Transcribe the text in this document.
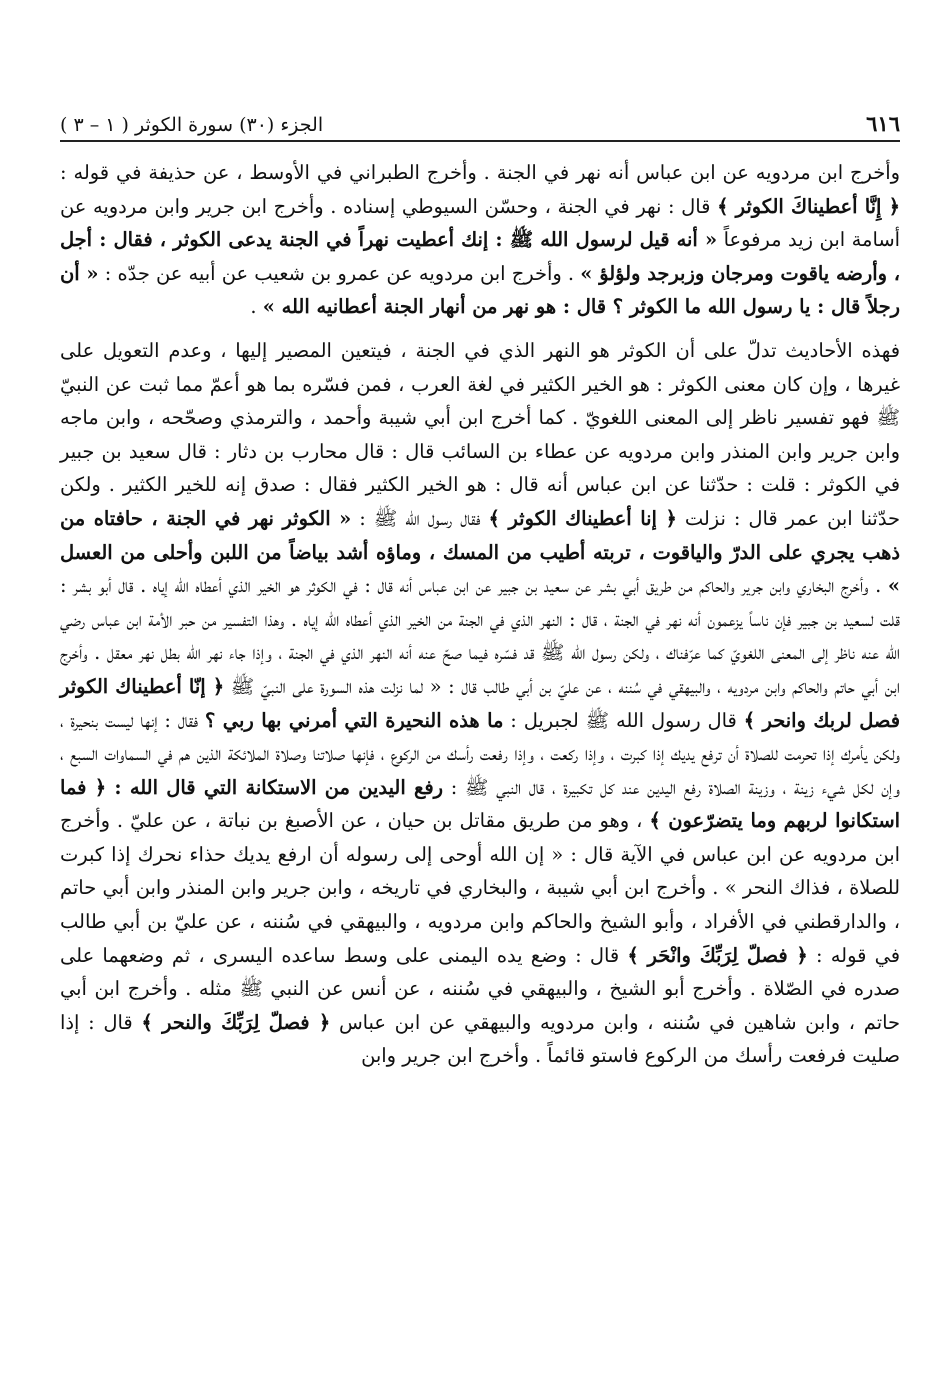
٦١٦
الجزء (٣٠) سورة الكوثر ( ١ – ٣ )

وأخرج ابن مردويه عن ابن عباس أنه نهر في الجنة . وأخرج الطبراني في الأوسط ، عن حذيفة في قوله : ﴿ إِنَّا أعطيناكَ الكوثر ﴾ قال : نهر في الجنة ، وحسّن السيوطي إسناده . وأخرج ابن جرير وابن مردويه عن أسامة ابن زيد مرفوعاً « أنه قيل لرسول الله ﷺ : إنك أعطيت نهراً في الجنة يدعى الكوثر ، فقال : أجل ، وأرضه ياقوت ومرجان وزبرجد ولؤلؤ » . وأخرج ابن مردويه عن عمرو بن شعيب عن أبيه عن جدّه : « أن رجلاً قال : يا رسول الله ما الكوثر ؟ قال : هو نهر من أنهار الجنة أعطانيه الله » .

فهذه الأحاديث تدلّ على أن الكوثر هو النهر الذي في الجنة ، فيتعين المصير إليها ، وعدم التعويل على غيرها ، وإن كان معنى الكوثر : هو الخير الكثير في لغة العرب ، فمن فسّره بما هو أعمّ مما ثبت عن النبيّ ﷺ فهو تفسير ناظر إلى المعنى اللغويّ . كما أخرج ابن أبي شيبة وأحمد ، والترمذي وصحّحه ، وابن ماجه وابن جرير وابن المنذر وابن مردويه عن عطاء بن السائب قال : قال محارب بن دثار : قال سعيد بن جبير في الكوثر : قلت : حدّثنا عن ابن عباس أنه قال : هو الخير الكثير فقال : صدق إنه للخير الكثير . ولكن حدّثنا ابن عمر قال : نزلت ﴿ إنا أعطيناك الكوثر ﴾ فقال رسول الله ﷺ : « الكوثر نهر في الجنة ، حافتاه من ذهب يجري على الدرّ والياقوت ، تربته أطيب من المسك ، وماؤه أشد بياضاً من اللبن وأحلى من العسل » . وأخرج البخاري وابن جرير والحاكم من طريق أبي بشر عن سعيد بن جبير عن ابن عباس أنه قال : في الكوثر هو الخير الذي أعطاه الله إياه . قال أبو بشر : قلت لسعيد بن جبير فإن ناساً يزعمون أنه نهر في الجنة ، قال : النهر الذي في الجنة من الخير الذي أعطاه الله إياه . وهذا التفسير من حبر الأمة ابن عباس رضي الله عنه ناظر إلى المعنى اللغويّ كما عرّفناك ، ولكن رسول الله ﷺ قد فسّره فيما صحّ عنه أنه النهر الذي في الجنة ، وإذا جاء نهر الله بطل نهر معقل . وأخرج ابن أبي حاتم والحاكم وابن مردويه ، والبيهقي في سُننه ، عن عليّ بن أبي طالب قال : « لما نزلت هذه السورة على النبيّ ﷺ ﴿ إنّا أعطيناك الكوثر فصل لربك وانحر ﴾ قال رسول الله ﷺ لجبريل : ما هذه النحيرة التي أمرني بها ربي ؟ فقال : إنها ليست بنحيرة ، ولكن يأمرك إذا تحرمت للصلاة أن ترفع يديك إذا كبرت ، وإذا ركعت ، وإذا رفعت رأسك من الركوع ، فإنها صلاتنا وصلاة الملائكة الذين هم في السماوات السبع ، وإن لكل شيء زينة ، وزينة الصلاة رفع اليدين عند كل تكبيرة ، قال النبي ﷺ : رفع اليدين من الاستكانة التي قال الله : ﴿ فما استكانوا لربهم وما يتضرّعون ﴾ ، وهو من طريق مقاتل بن حيان ، عن الأصبغ بن نباتة ، عن عليّ . وأخرج ابن مردويه عن ابن عباس في الآية قال : « إن الله أوحى إلى رسوله أن ارفع يديك حذاء نحرك إذا كبرت للصلاة ، فذاك النحر » . وأخرج ابن أبي شيبة ، والبخاري في تاريخه ، وابن جرير وابن المنذر وابن أبي حاتم ، والدارقطني في الأفراد ، وأبو الشيخ والحاكم وابن مردويه ، والبيهقي في سُننه ، عن عليّ بن أبي طالب في قوله : ﴿ فصلّ لِرَبِّكَ وانْحَر ﴾ قال : وضع يده اليمنى على وسط ساعده اليسرى ، ثم وضعهما على صدره في الصّلاة . وأخرج أبو الشيخ ، والبيهقي في سُننه ، عن أنس عن النبي ﷺ مثله . وأخرج ابن أبي حاتم ، وابن شاهين في سُننه ، وابن مردويه والبيهقي عن ابن عباس ﴿ فصلّ لِرَبِّكَ والنحر ﴾ قال : إذا صليت فرفعت رأسك من الركوع فاستو قائماً . وأخرج ابن جرير وابن
